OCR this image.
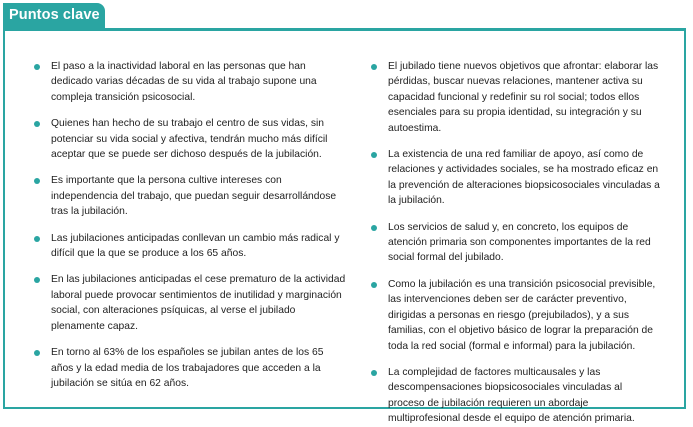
Puntos clave
El paso a la inactividad laboral en las personas que han dedicado varias décadas de su vida al trabajo supone una compleja transición psicosocial.
Quienes han hecho de su trabajo el centro de sus vidas, sin potenciar su vida social y afectiva, tendrán mucho más difícil aceptar que se puede ser dichoso después de la jubilación.
Es importante que la persona cultive intereses con independencia del trabajo, que puedan seguir desarrollándose tras la jubilación.
Las jubilaciones anticipadas conllevan un cambio más radical y difícil que la que se produce a los 65 años.
En las jubilaciones anticipadas el cese prematuro de la actividad laboral puede provocar sentimientos de inutilidad y marginación social, con alteraciones psíquicas, al verse el jubilado plenamente capaz.
En torno al 63% de los españoles se jubilan antes de los 65 años y la edad media de los trabajadores que acceden a la jubilación se sitúa en 62 años.
El jubilado tiene nuevos objetivos que afrontar: elaborar las pérdidas, buscar nuevas relaciones, mantener activa su capacidad funcional y redefinir su rol social; todos ellos esenciales para su propia identidad, su integración y su autoestima.
La existencia de una red familiar de apoyo, así como de relaciones y actividades sociales, se ha mostrado eficaz en la prevención de alteraciones biopsicosociales vinculadas a la jubilación.
Los servicios de salud y, en concreto, los equipos de atención primaria son componentes importantes de la red social formal del jubilado.
Como la jubilación es una transición psicosocial previsible, las intervenciones deben ser de carácter preventivo, dirigidas a personas en riesgo (prejubilados), y a sus familias, con el objetivo básico de lograr la preparación de toda la red social (formal e informal) para la jubilación.
La complejidad de factores multicausales y las descompensaciones biopsicosociales vinculadas al proceso de jubilación requieren un abordaje multiprofesional desde el equipo de atención primaria.
